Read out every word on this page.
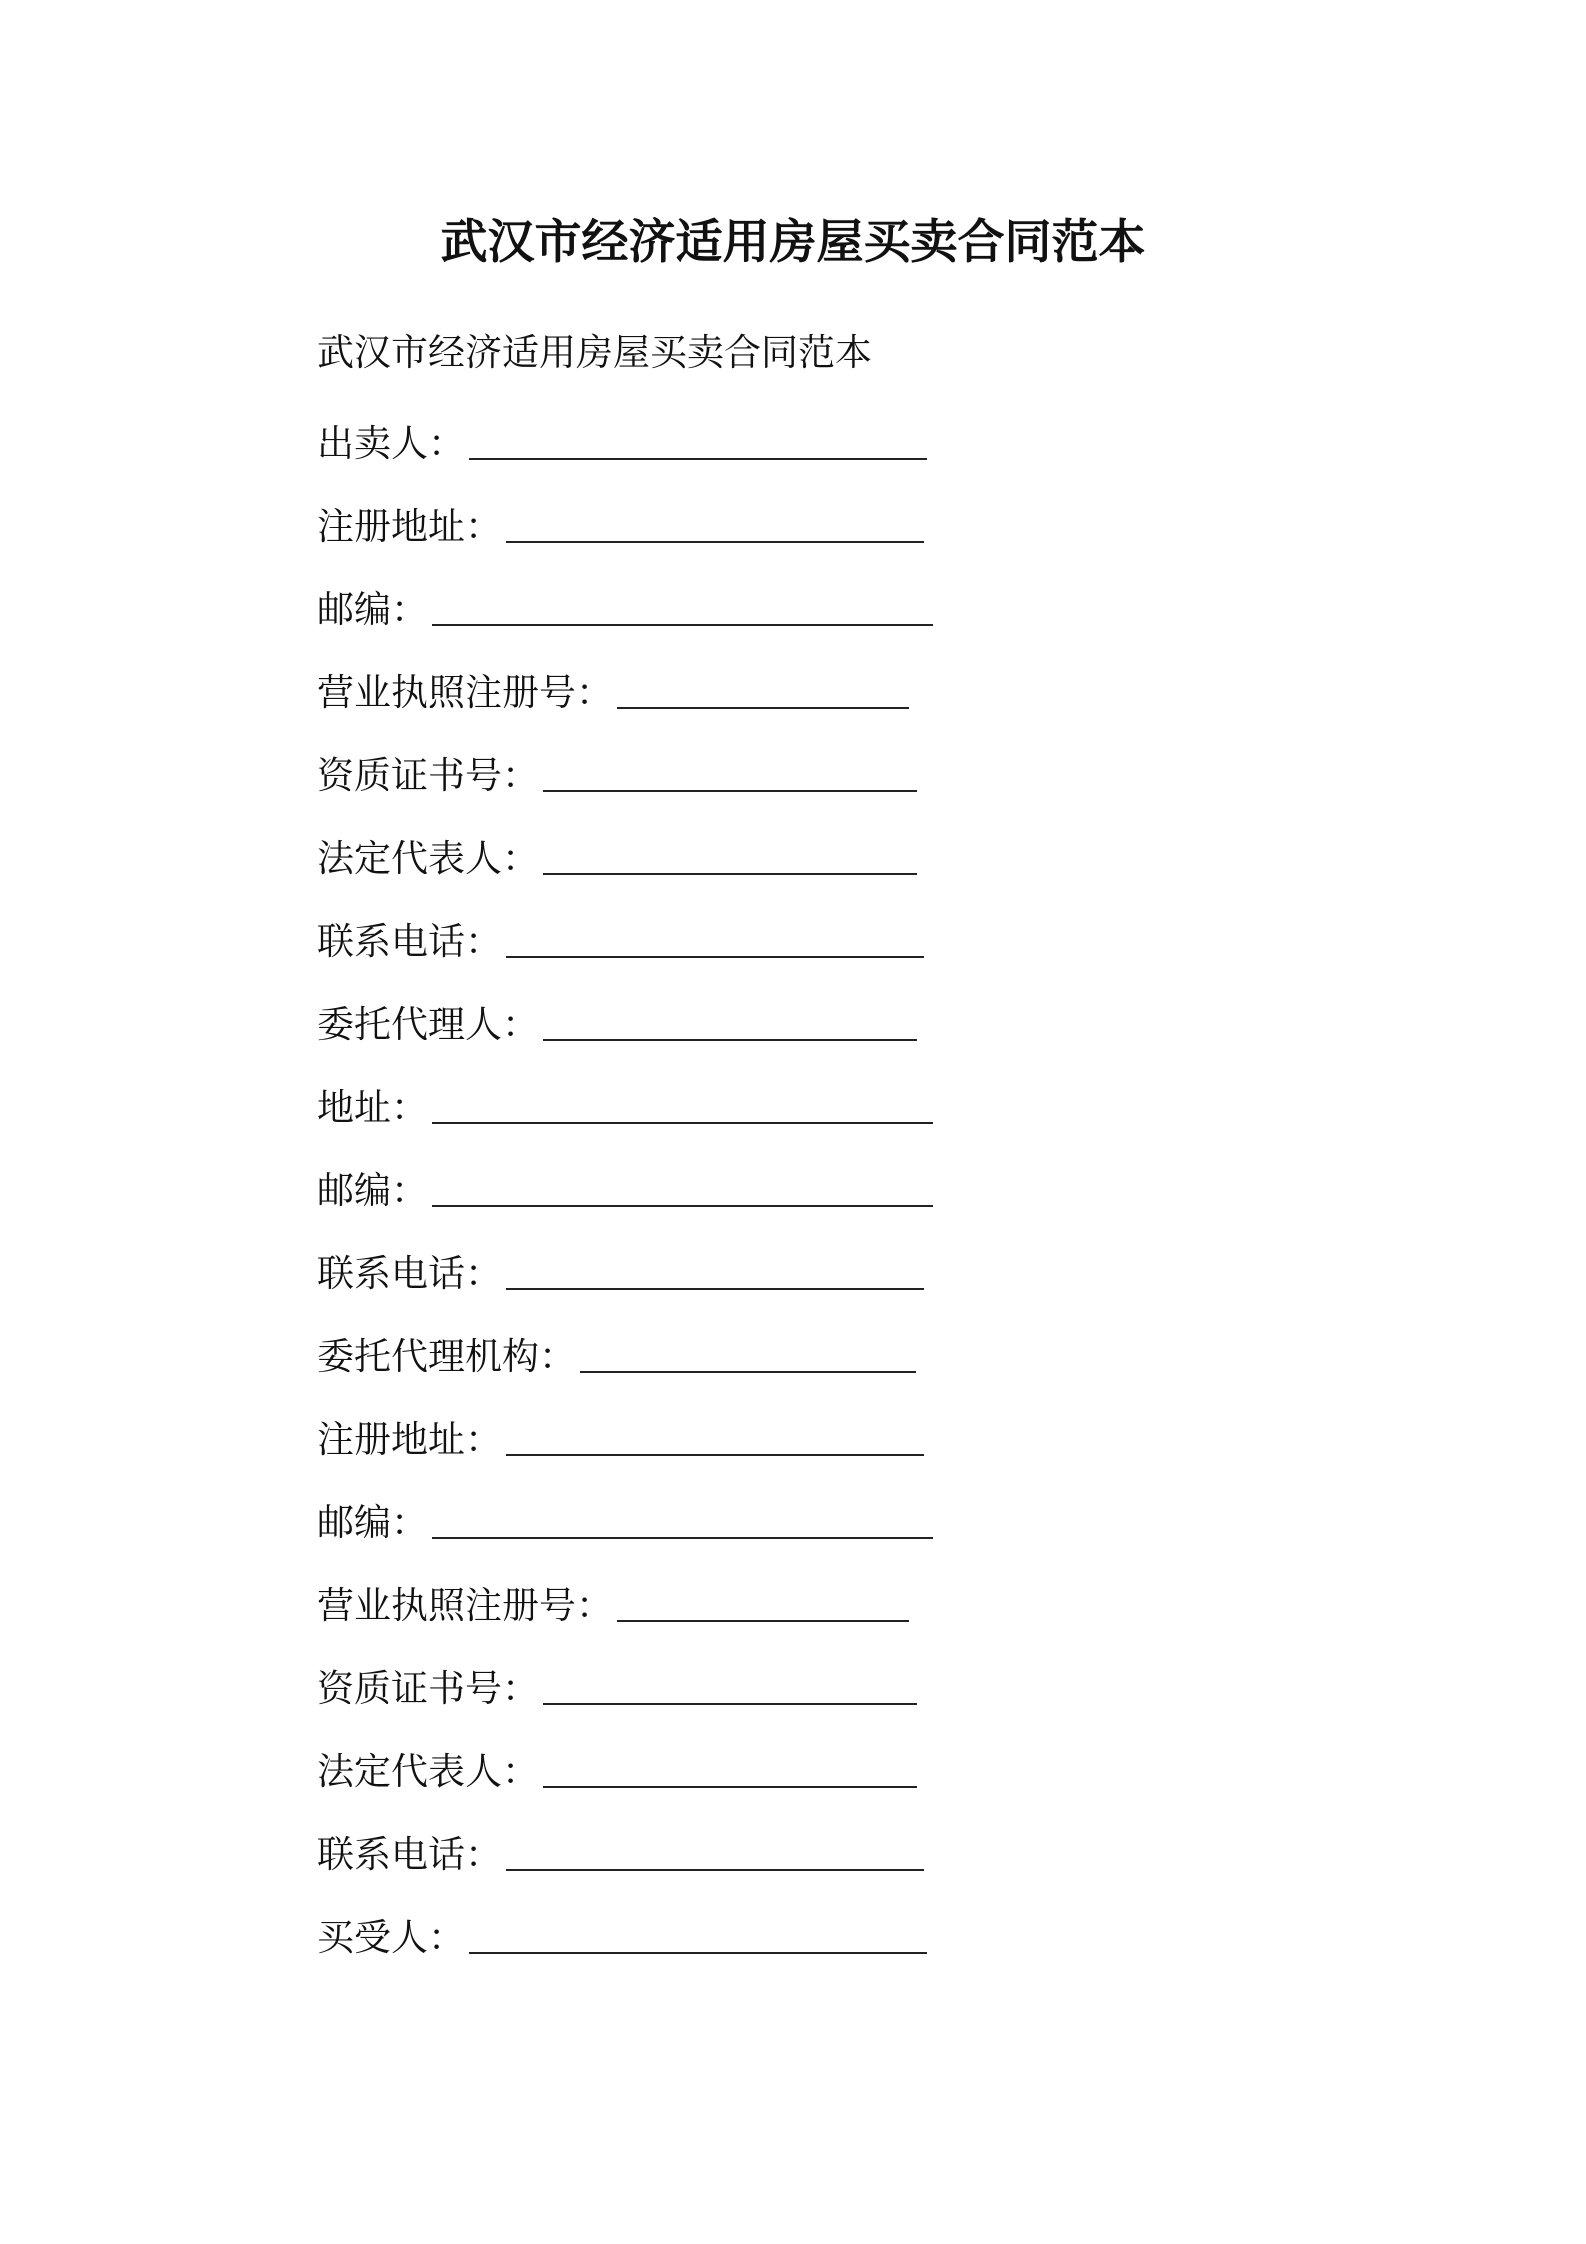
武汉市经济适用房屋买卖合同范本
武汉市经济适用房屋买卖合同范本
出卖人：
注册地址：
邮编：
营业执照注册号：
资质证书号：
法定代表人：
联系电话：
委托代理人：
地址：
邮编：
联系电话：
委托代理机构：
注册地址：
邮编：
营业执照注册号：
资质证书号：
法定代表人：
联系电话：
买受人：
